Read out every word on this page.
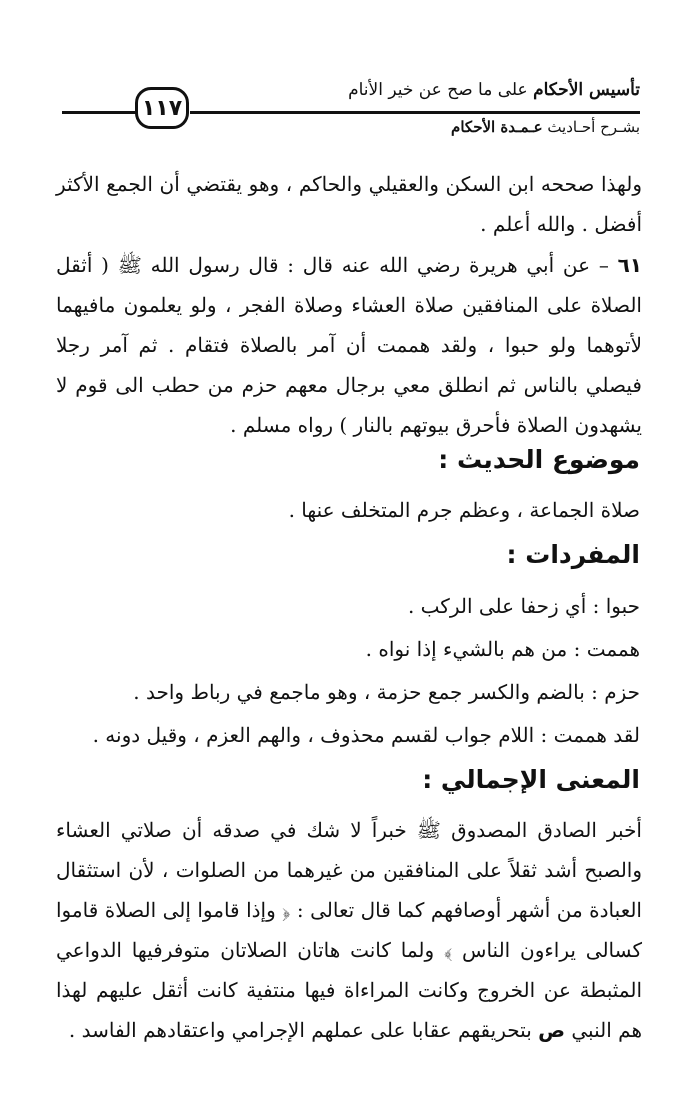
١١٧
تأسيس الأحكام على ما صح عن خير الأنام
بشـرح أحـاديث عـمـدة الأحكام
ولهذا صححه ابن السكن والعقيلي والحاكم ، وهو يقتضي أن الجمع الأكثر أفضل . والله أعلم .
٦١ – عن أبي هريرة رضي الله عنه قال : قال رسول الله ﷺ ( أثقل الصلاة على المنافقين صلاة العشاء وصلاة الفجر ، ولو يعلمون مافيهما لأتوهما ولو حبوا ، ولقد هممت أن آمر بالصلاة فتقام . ثم آمر رجلا فيصلي بالناس ثم انطلق معي برجال معهم حزم من حطب الى قوم لا يشهدون الصلاة فأحرق بيوتهم بالنار ) رواه مسلم .
موضوع الحديث :
صلاة الجماعة ، وعظم جرم المتخلف عنها .
المفردات :
حبوا : أي زحفا على الركب .
هممت : من هم بالشيء إذا نواه .
حزم : بالضم والكسر جمع حزمة ، وهو ماجمع في رباط واحد .
لقد هممت : اللام جواب لقسم محذوف ، والهم العزم ، وقيل دونه .
المعنى الإجمالي :
أخبر الصادق المصدوق ﷺ خبراً لا شك في صدقه أن صلاتي العشاء والصبح أشد ثقلاً على المنافقين من غيرهما من الصلوات ، لأن استثقال العبادة من أشهر أوصافهم كما قال تعالى : ﴿ وإذا قاموا إلى الصلاة قاموا كسالى يراءون الناس ﴾ ولما كانت هاتان الصلاتان متوفرفيها الدواعي المثبطة عن الخروج وكانت المراءاة فيها منتفية كانت أثقل عليهم لهذا هم النبي ص بتحريقهم عقابا على عملهم الإجرامي واعتقادهم الفاسد .
